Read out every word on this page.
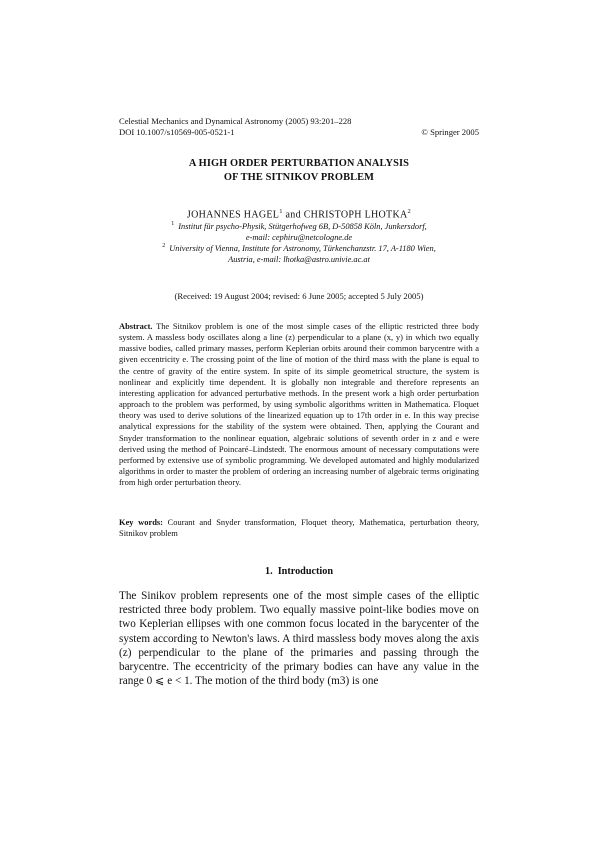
Celestial Mechanics and Dynamical Astronomy (2005) 93:201–228
DOI 10.1007/s10569-005-0521-1	© Springer 2005
A HIGH ORDER PERTURBATION ANALYSIS
OF THE SITNIKOV PROBLEM
JOHANNES HAGEL$^1$ and CHRISTOPH LHOTKA$^2$
$^1$ Institut für psycho-Physik, Stütgerhofweg 6B, D-50858 Köln, Junkersdorf,
e-mail: cephiru@netcologne.de
$^2$ University of Vienna, Institute for Astronomy, Türkenchanzstr. 17, A-1180 Wien,
Austria, e-mail: lhotka@astro.univie.ac.at
(Received: 19 August 2004; revised: 6 June 2005; accepted 5 July 2005)
Abstract. The Sitnikov problem is one of the most simple cases of the elliptic restricted three body system. A massless body oscillates along a line (z) perpendicular to a plane (x, y) in which two equally massive bodies, called primary masses, perform Keplerian orbits around their common barycentre with a given eccentricity e. The crossing point of the line of motion of the third mass with the plane is equal to the centre of gravity of the entire system. In spite of its simple geometrical structure, the system is nonlinear and explicitly time dependent. It is globally non integrable and therefore represents an interesting application for advanced perturbative methods. In the present work a high order perturbation approach to the problem was performed, by using symbolic algorithms written in Mathematica. Floquet theory was used to derive solutions of the linearized equation up to 17th order in e. In this way precise analytical expressions for the stability of the system were obtained. Then, applying the Courant and Snyder transformation to the nonlinear equation, algebraic solutions of seventh order in z and e were derived using the method of Poincaré–Lindstedt. The enormous amount of necessary computations were performed by extensive use of symbolic programming. We developed automated and highly modularized algorithms in order to master the problem of ordering an increasing number of algebraic terms originating from high order perturbation theory.
Key words: Courant and Snyder transformation, Floquet theory, Mathematica, perturbation theory, Sitnikov problem
1.  Introduction
The Sinikov problem represents one of the most simple cases of the elliptic restricted three body problem. Two equally massive point-like bodies move on two Keplerian ellipses with one common focus located in the barycenter of the system according to Newton's laws. A third massless body moves along the axis (z) perpendicular to the plane of the primaries and passing through the barycentre. The eccentricity of the primary bodies can have any value in the range 0 ⩽ e < 1. The motion of the third body (m3) is one
